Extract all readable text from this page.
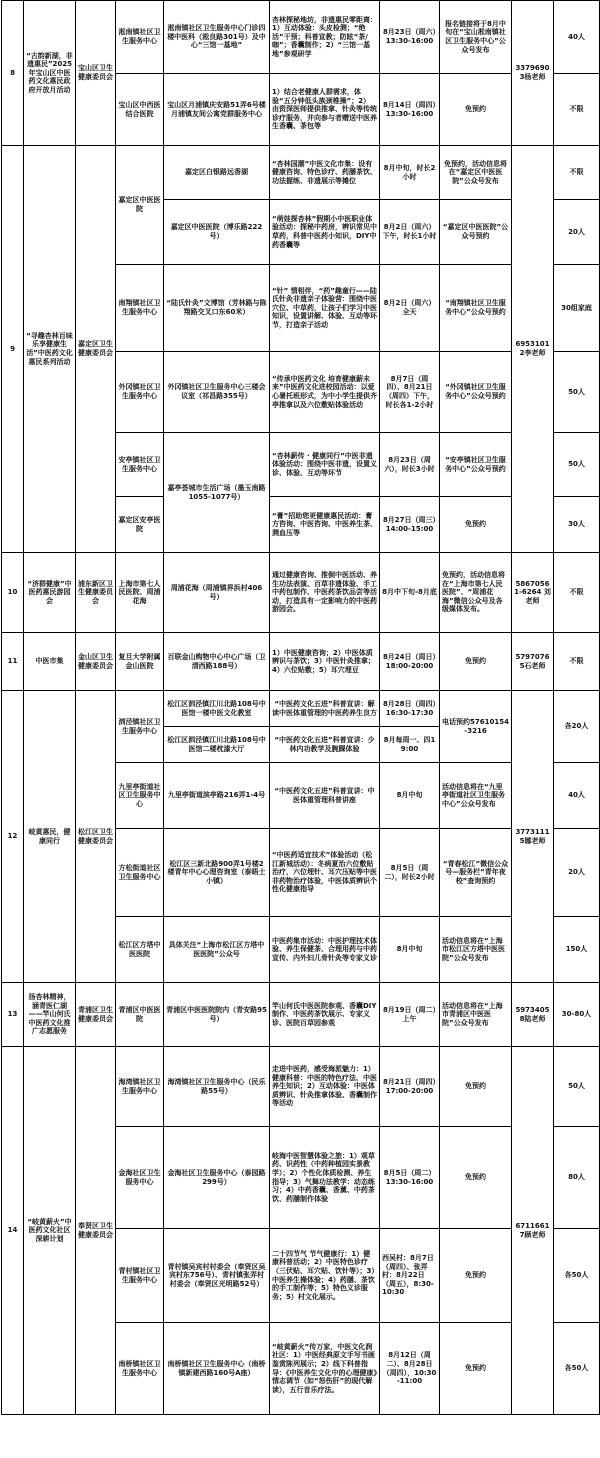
8	“古韵新湖，非遗惠民”2025年宝山区中医药文化惠民政府开放月活动	宝山区卫生健康委员会	淞南镇社区卫生服务中心	淞南镇社区卫生服务中心门诊四楼中医科（淞良路301号）及中心“三馆一基地”	杏林探秘地坊，非遗惠民零距离：1）互动体验：头皮检测；“绝活”干预；科普宣教；防眩“茶/咖”；香囊制作；2）“三馆一基地”参观研学	8月23日（周六）13:30-16:00	报名链接将于8月中旬在“宝山淞南镇社区卫生服务中心”公众号发布	33796903杨老师	40人
			宝山区中西医结合医院	宝山区月浦镇庆安路51弄6号楼月浦镇友间公寓党群服务中心	1）结合老健康人群需求，体验“五分钟低头族颈椎操”；2）由资深医师提供推拿、针灸等传统诊疗服务，并向参与者赠送中医养生香囊、茶包等	8月14日（周四）13:30-16:00	免预约		不限
9	“寻趣杏林百味 乐享健康生活”中医药文化惠民系列活动	嘉定区卫生健康委员会	嘉定区中医医院	嘉定区白银路远香湖	“杏林国潮”中医文化市集：设有健康咨询、特色诊疗、药膳茶饮、功法握练、非遗展示等摊位	8月中旬，时长2小时	免预约，活动信息将在“嘉定区中医医院”公众号发布	69531012李老师	不限
				嘉定区中医医院（博乐路222号）	“萌娃探杏林”假期小中医职业体验活动：探秘中药房，辨识常见中草药，科普中医药小知识，DIY中药香囊等	8月2日（周六）下午，时长1小时	“嘉定区中医医院”公众号预约		20人
			南翔镇社区卫生服务中心	“陆氏针灸”文博馆（芳林路与陈翔路交叉口东60米）	“针” 情相伴，“药”趣童行——陆氏针灸非遗亲子体验营：围绕中医穴位、中草药，让孩子们学习中医知识，设置讲解、体验、互动等环节，打造亲子活动	8月2日（周六）全天	“南翔镇社区卫生服务中心”公众号预约		30组家庭
			外冈镇社区卫生服务中心	外冈镇社区卫生服务中心三楼会议室（祁昌路355号）	“传承中医药文化 培育健康薪未来”中医药文化进校园活动：以爱心暑托班形式，为中小学生提供齐亭推拿以及六位敷贴体验活动	8月7日（周四）、8月21日（周四）下午，时长各1-2小时	“外冈镇社区卫生服务中心”公众号预约		50人
			安亭镇社区卫生服务中心	嘉亭荟城市生活广场（墨玉南路1055-1077号）	“杏林薪传 · 健康同行”中医非遗体验活动：围绕中医非遗，设置义诊、体验、互动等环节	8月23日（周六），时长3小时	“安亭镇社区卫生服务中心”公众号预约		50人
			嘉定区安亭医院		“膏”招助您更健康惠民活动：膏方咨询、中医咨询、中医养生茶、测血压等	8月27日（周三）14:00-15:00	免预约		30人
10	“济群健康”中医药惠民游园会	浦东新区卫生健康委员会	上海市第七人民医院、周浦花海	周浦花海（周浦镇界浜村406号）	通过健康咨询、推倒中医活动、养生功法表演、百草非遗体验、手工中药包制作、中医药茶饮品尝等活动，打造具有一定影响力的中医药游园会。	8月中下旬-8月底	免预约，活动信息将在“上海市第七人民医院”、“周浦花海”微信公众号及各级媒体发布。	58670561-6264 刘老师	不限
11	中医市集	金山区卫生健康委员会	复旦大学附属金山医院	百联金山购物中心中心广场（卫清西路188号）	1）中医健康咨询；2）中医体质辨识与茶饮；3）中医针灸推拿；4）六位贴敷；5）耳穴埋豆	8月24日（周日）18:00-20:00	免预约	57970765石老师	不限
12	岐黄惠民，健康同行	松江区卫生健康委员会	泗泾镇社区卫生服务中心	松江区泗泾镇江川北路108号中医馆一楼中医文化教室	“中医药文化五进”科普宣讲：解读中医体重管理的中医药养生良方	8月28日（周四）16:30-17:30	电话预约57610154-3216	37731115娜老师	各20人
				松江区泗泾镇江川北路108号中医馆二楼枕漆大厅	“中医药文化五进”科普宣讲：少林内功教学及腕踝体验	8月每周一、四19:00			
			九里亭街道社区卫生服务中心	九里亭街道滨亭路216弄1-4号	“中医药文化五进”科普宣讲：中医体重管理科普讲座	8月中旬	活动信息将在“九里亭街道社区卫生服务中心”公众号发布		40人
			方松街道社区卫生服务中心	松江区三新北路900弄1号楼2楼青年中心心理咨询室（泰晤士小镇）	“中医药适宜技术”体验活动（松江新城活动）：冬病夏治六位敷贴治疗，六位埋针、耳穴压贴等中医非药物治疗体验，中医体质辨识个性化健康指导	8月5日（周二），时长2小时	“青春松江”微信公众号—服务栏“青年夜校”查询预约		20人
			松江区方塔中医医院	具体关注“上海市松江区方塔中医医院”公众号	中医药集市活动：中医护理技术体验、养生保健茶、合理用药与中药宣传、内外妇儿骨针灸等专家义诊	8月中旬	活动信息将在“上海市松江区方塔中医医院”公众号发布		150人
13	扬杏林精神，涵青医仁湖——竿山何氏中医药文化推广志愿服务	青浦区卫生健康委员会	青浦区中医医院	青浦区中医医院院内（青安路95号）	竿山何氏中医医院参观、香囊DIY制作、中医药茶饮展示、专家义诊、医院百草园参观	8月19日（周二）上午	活动信息将在“上海市青浦区中医医院”公众号发布	59734058陆老师	30-80人
14	“岐黄薪火”中医药文化社区深耕计划	奉贤区卫生健康委员会	海湾镇社区卫生服务中心	海湾镇社区卫生服务中心（民乐路55号）	走进中医药，感受海派魅力：1）健康科普：中医的特色疗法、中医养生知识；2）互动体验：中医体质辨识、针灸推拿体验、香囊制作等活动	8月21日（周四）17:00-20:00	免预约	67116617顾老师	50人
			金海社区卫生服务中心	金海社区卫生服务中心（泰园路299号）	岐海中医智慧体验之旅：1）观草药、识药性（中药种植园实景教学）；2）个性化体质检测、养生指导；3）气舞功法教学：动态练习；4）中药香囊、香薰、中药茶饮、药膳制作体验	8月5日（周二）13:30-16:00	免预约		80人
			青村镇社区卫生服务中心	青村镇吴宾村村委会（奉贤区吴宾村东756号）、青村镇张弄村村委会（奉贤区光明路52号）	二十四节气 节气健康行：1）健康科普活动；2）中医特色诊疗（三伏贴、耳穴贴、饮针等）；3）中医养生操体验；4）药膳、茶饮的手工制作等；5）特色义诊服务；5）村文化展示。	西吴村：8月7日（周四）、张弄村：8月22日（周五），8:30-10:30	免预约		各50人
			南桥镇社区卫生服务中心	南桥镇社区卫生服务中心（南桥镇新建西路160号A座）	“岐黄薪火”传万家，中医文化润社区：1）中医经典原文手写书画鉴赏陈列展示；2）线下科普指导：《中医养生文化中的心理健康》情志调节（如“怒伤肝”的现代解读），五行音乐疗法。	8月12日（周二）、8月28日（周四），10:30-11:00	免预约		各50人
